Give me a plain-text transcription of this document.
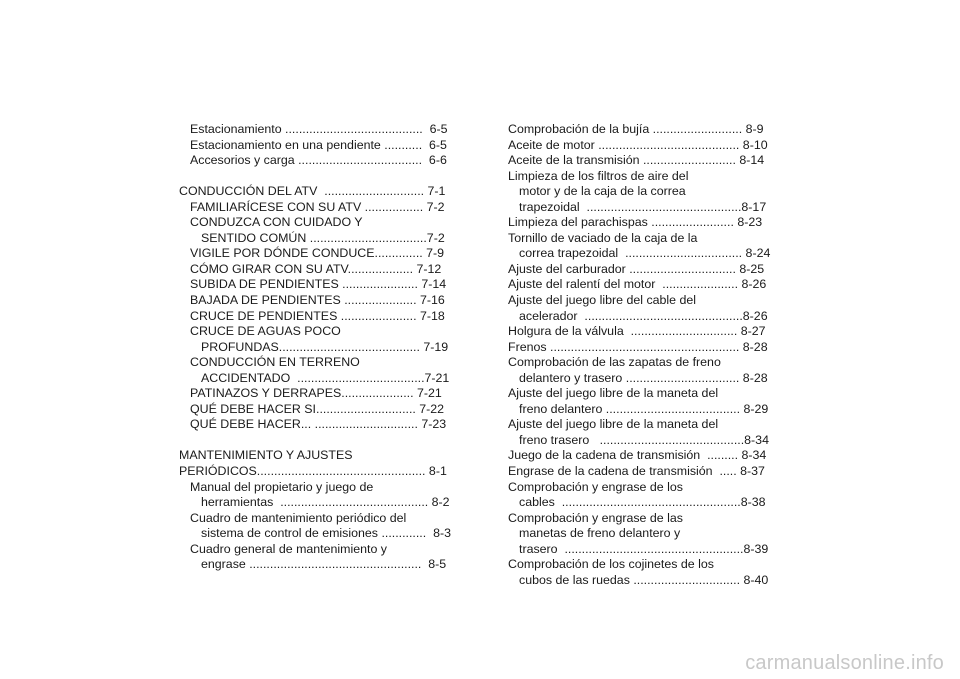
Estacionamiento ........................................  6-5
Estacionamiento en una pendiente ...........  6-5
Accesorios y carga ....................................  6-6
CONDUCCIÓN DEL ATV  ............................. 7-1
FAMILIARÍCESE CON SU ATV ................. 7-2
CONDUZCA CON CUIDADO Y
SENTIDO COMÚN ..................................7-2
VIGILE POR DÓNDE CONDUCE.............. 7-9
CÓMO GIRAR CON SU ATV................... 7-12
SUBIDA DE PENDIENTES ...................... 7-14
BAJADA DE PENDIENTES ..................... 7-16
CRUCE DE PENDIENTES ...................... 7-18
CRUCE DE AGUAS POCO
PROFUNDAS......................................... 7-19
CONDUCCIÓN EN TERRENO
ACCIDENTADO  .....................................7-21
PATINAZOS Y DERRAPES..................... 7-21
QUÉ DEBE HACER SI............................. 7-22
QUÉ DEBE HACER... .............................. 7-23
MANTENIMIENTO Y AJUSTES
PERIÓDICOS................................................. 8-1
Manual del propietario y juego de
herramientas  ........................................... 8-2
Cuadro de mantenimiento periódico del
sistema de control de emisiones .............  8-3
Cuadro general de mantenimiento y
engrase ..................................................  8-5
Comprobación de la bujía .......................... 8-9
Aceite de motor ......................................... 8-10
Aceite de la transmisión ........................... 8-14
Limpieza de los filtros de aire del
motor y de la caja de la correa
trapezoidal  .............................................8-17
Limpieza del parachispas ........................ 8-23
Tornillo de vaciado de la caja de la
correa trapezoidal  .................................. 8-24
Ajuste del carburador ............................... 8-25
Ajuste del ralentí del motor  ...................... 8-26
Ajuste del juego libre del cable del
acelerador  ..............................................8-26
Holgura de la válvula  ............................... 8-27
Frenos ....................................................... 8-28
Comprobación de las zapatas de freno
delantero y trasero ................................. 8-28
Ajuste del juego libre de la maneta del
freno delantero ....................................... 8-29
Ajuste del juego libre de la maneta del
freno trasero   ..........................................8-34
Juego de la cadena de transmisión  ......... 8-34
Engrase de la cadena de transmisión  ..... 8-37
Comprobación y engrase de los
cables  ....................................................8-38
Comprobación y engrase de las
manetas de freno delantero y
trasero  ....................................................8-39
Comprobación de los cojinetes de los
cubos de las ruedas ............................... 8-40
carmanualsonline.info
